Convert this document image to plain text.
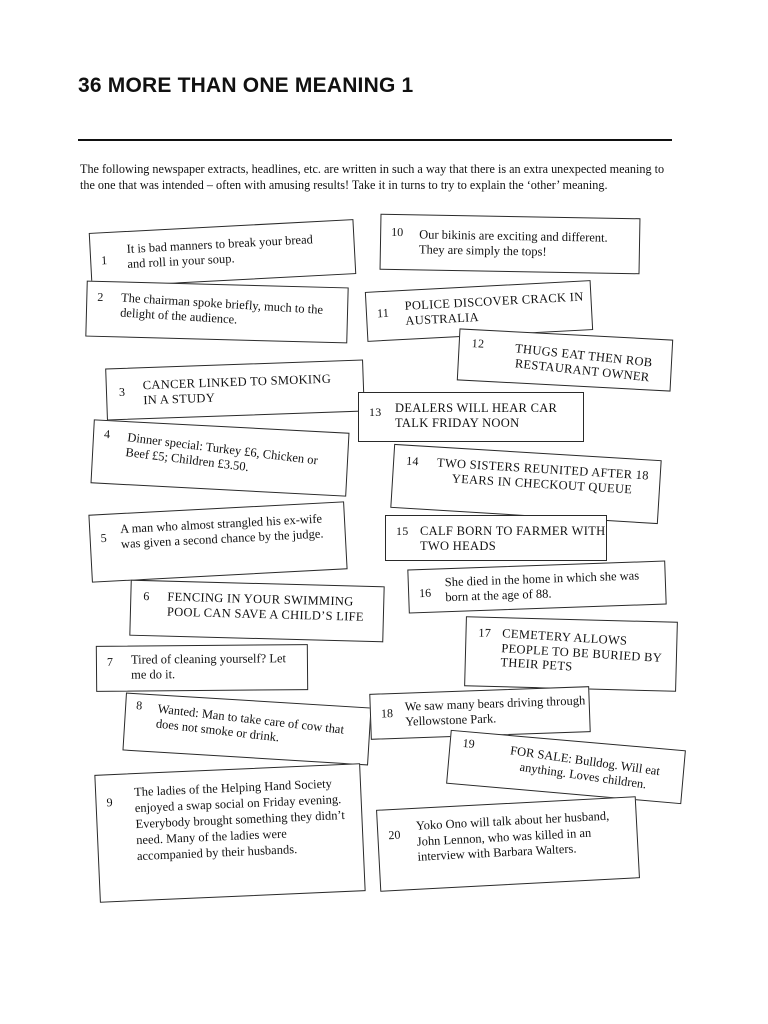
36 MORE THAN ONE MEANING 1

The following newspaper extracts, headlines, etc. are written in such a way that there is an extra unexpected meaning to the one that was intended – often with amusing results! Take it in turns to try to explain the ‘other’ meaning.

1

It is bad manners to break your bread and roll in your soup.

2 The chairman spoke briefly, much to the delight of the audience.

3 CANCER LINKED TO SMOKING IN A STUDY

4 Dinner special: Turkey £6, Chicken or Beef £5; Children £3.50.

5

A man who almost strangled his ex-wife was given a second chance by the judge.

6 FENCING IN YOUR SWIMMING POOL CAN SAVE A CHILD’S LIFE

7 Tired of cleaning yourself? Let me do it.

8 Wanted: Man to take care of cow that does not smoke or drink.

9

The ladies of the Helping Hand Society enjoyed a swap social on Friday evening. Everybody brought something they didn’t need. Many of the ladies were accompanied by their husbands.

10 Our bikinis are exciting and different. They are simply the tops!

11

POLICE DISCOVER CRACK IN AUSTRALIA

12	THUGS EAT THEN ROB RESTAURANT OWNER

13 DEALERS WILL HEAR CAR TALK FRIDAY NOON

14	TWO SISTERS REUNITED AFTER 18 YEARS IN CHECKOUT QUEUE

15 CALF BORN TO FARMER WITH TWO HEADS

16

She died in the home in which she was born at the age of 88.

17 CEMETERY ALLOWS PEOPLE TO BE BURIED BY THEIR PETS

18 We saw many bears driving through Yellowstone Park.

19	FOR SALE: Bulldog. Will eat anything. Loves children.

20

Yoko Ono will talk about her husband, John Lennon, who was killed in an interview with Barbara Walters.
